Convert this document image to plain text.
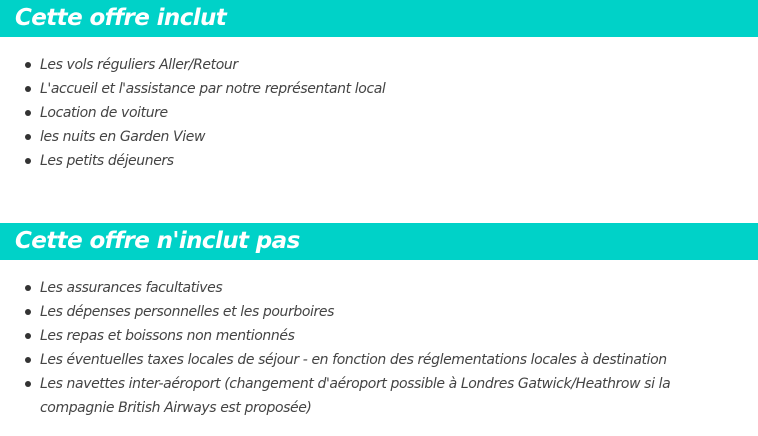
Cette offre inclut
Les vols réguliers Aller/Retour
L'accueil et l'assistance par notre représentant local
Location de voiture
les nuits en Garden View
Les petits déjeuners
Cette offre n'inclut pas
Les assurances facultatives
Les dépenses personnelles et les pourboires
Les repas et boissons non mentionnés
Les éventuelles taxes locales de séjour - en fonction des réglementations locales à destination
Les navettes inter-aéroport (changement d'aéroport possible à Londres Gatwick/Heathrow si la compagnie British Airways est proposée)
